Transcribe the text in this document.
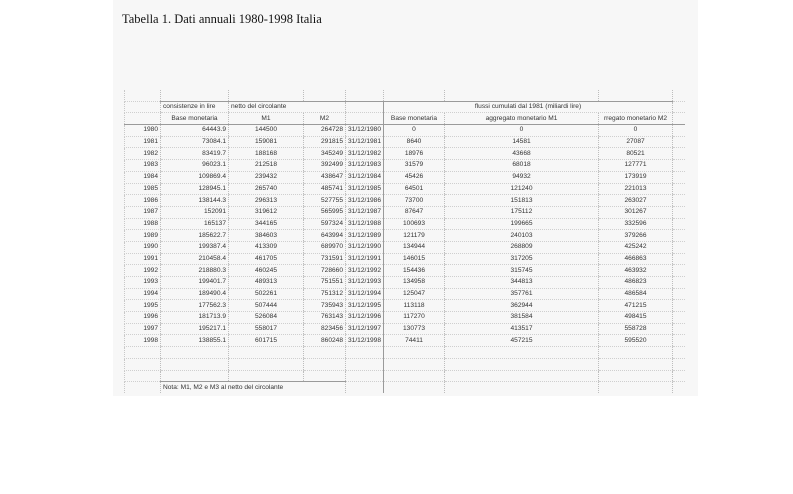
Tabella 1. Dati annuali 1980-1998 Italia

	consistenze in lire	netto del circolante			flussi cumulati dal 1981 (miliardi lire)			
	Base monetaria	M1	M2		Base monetaria	aggregato monetario M1	rregato monetario M2	
1980	64443.9	144500	264728	31/12/1980	0	0	0	
1981	73084.1	159081	291815	31/12/1981	8640	14581	27087	
1982	83419.7	188168	345249	31/12/1982	18976	43668	80521	
1983	96023.1	212518	392499	31/12/1983	31579	68018	127771	
1984	109869.4	239432	438647	31/12/1984	45426	94932	173919	
1985	128945.1	265740	485741	31/12/1985	64501	121240	221013	
1986	138144.3	296313	527755	31/12/1986	73700	151813	263027	
1987	152091	319612	565995	31/12/1987	87647	175112	301267	
1988	165137	344165	597324	31/12/1988	100693	199665	332596	
1989	185622.7	384603	643994	31/12/1989	121179	240103	379266	
1990	199387.4	413309	689970	31/12/1990	134944	268809	425242	
1991	210458.4	461705	731591	31/12/1991	146015	317205	466863	
1992	218880.3	460245	728660	31/12/1992	154436	315745	463932	
1993	199401.7	489313	751551	31/12/1993	134958	344813	486823	
1994	189490.4	502261	751312	31/12/1994	125047	357761	486584	
1995	177562.3	507444	735943	31/12/1995	113118	362944	471215	
1996	181713.9	526084	763143	31/12/1996	117270	381584	498415	
1997	195217.1	558017	823456	31/12/1997	130773	413517	558728	
1998	138855.1	601715	860248	31/12/1998	74411	457215	595520	

	Nota: M1, M2 e M3 al netto del circolante							
